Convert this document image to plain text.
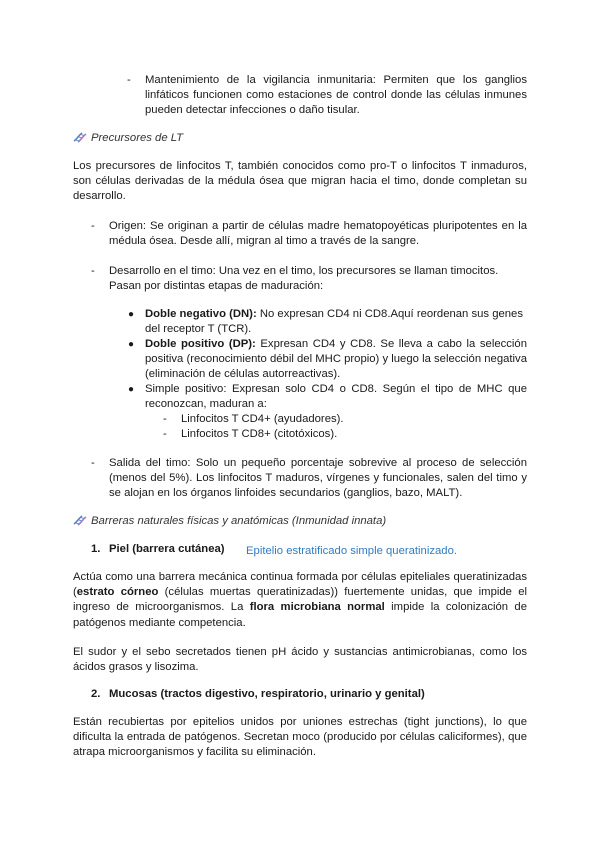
- Mantenimiento de la vigilancia inmunitaria: Permiten que los ganglios linfáticos funcionen como estaciones de control donde las células inmunes pueden detectar infecciones o daño tisular.
Precursores de LT
Los precursores de linfocitos T, también conocidos como pro-T o linfocitos T inmaduros, son células derivadas de la médula ósea que migran hacia el timo, donde completan su desarrollo.
- Origen: Se originan a partir de células madre hematopoyéticas pluripotentes en la médula ósea. Desde allí, migran al timo a través de la sangre.
- Desarrollo en el timo: Una vez en el timo, los precursores se llaman timocitos. Pasan por distintas etapas de maduración:
● Doble negativo (DN): No expresan CD4 ni CD8.Aquí reordenan sus genes del receptor T (TCR).
● Doble positivo (DP): Expresan CD4 y CD8. Se lleva a cabo la selección positiva (reconocimiento débil del MHC propio) y luego la selección negativa (eliminación de células autorreactivas).
● Simple positivo: Expresan solo CD4 o CD8. Según el tipo de MHC que reconozcan, maduran a:
- Linfocitos T CD4+ (ayudadores).
- Linfocitos T CD8+ (citotóxicos).
- Salida del timo: Solo un pequeño porcentaje sobrevive al proceso de selección (menos del 5%). Los linfocitos T maduros, vírgenes y funcionales, salen del timo y se alojan en los órganos linfoides secundarios (ganglios, bazo, MALT).
Barreras naturales físicas y anatómicas (Inmunidad innata)
1. Piel (barrera cutánea) Epitelio estratificado simple queratinizado.
Actúa como una barrera mecánica continua formada por células epiteliales queratinizadas (estrato córneo (células muertas queratinizadas)) fuertemente unidas, que impide el ingreso de microorganismos. La flora microbiana normal impide la colonización de patógenos mediante competencia.
El sudor y el sebo secretados tienen pH ácido y sustancias antimicrobianas, como los ácidos grasos y lisozima.
2. Mucosas (tractos digestivo, respiratorio, urinario y genital)
Están recubiertas por epitelios unidos por uniones estrechas (tight junctions), lo que dificulta la entrada de patógenos. Secretan moco (producido por células caliciformes), que atrapa microorganismos y facilita su eliminación.
